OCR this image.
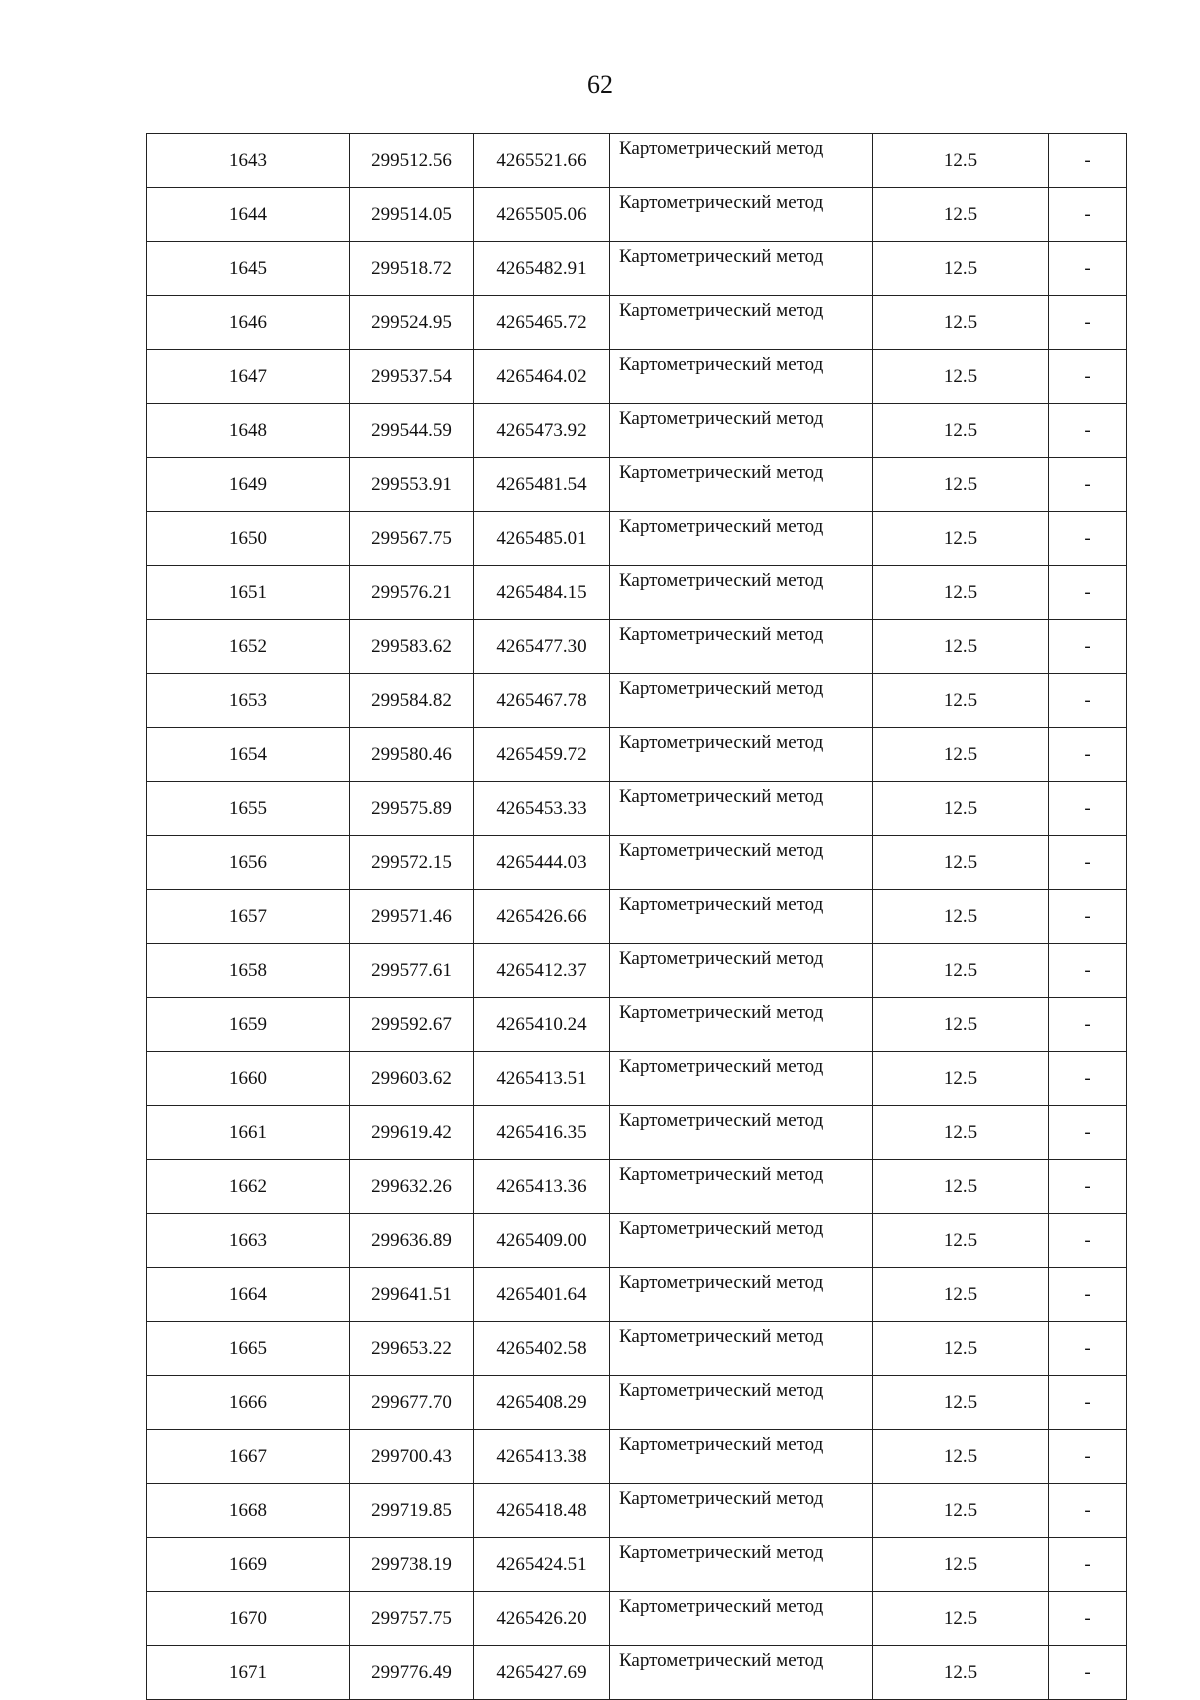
62
1643	299512.56	4265521.66	Картометрический метод	12.5	-
1644	299514.05	4265505.06	Картометрический метод	12.5	-
1645	299518.72	4265482.91	Картометрический метод	12.5	-
1646	299524.95	4265465.72	Картометрический метод	12.5	-
1647	299537.54	4265464.02	Картометрический метод	12.5	-
1648	299544.59	4265473.92	Картометрический метод	12.5	-
1649	299553.91	4265481.54	Картометрический метод	12.5	-
1650	299567.75	4265485.01	Картометрический метод	12.5	-
1651	299576.21	4265484.15	Картометрический метод	12.5	-
1652	299583.62	4265477.30	Картометрический метод	12.5	-
1653	299584.82	4265467.78	Картометрический метод	12.5	-
1654	299580.46	4265459.72	Картометрический метод	12.5	-
1655	299575.89	4265453.33	Картометрический метод	12.5	-
1656	299572.15	4265444.03	Картометрический метод	12.5	-
1657	299571.46	4265426.66	Картометрический метод	12.5	-
1658	299577.61	4265412.37	Картометрический метод	12.5	-
1659	299592.67	4265410.24	Картометрический метод	12.5	-
1660	299603.62	4265413.51	Картометрический метод	12.5	-
1661	299619.42	4265416.35	Картометрический метод	12.5	-
1662	299632.26	4265413.36	Картометрический метод	12.5	-
1663	299636.89	4265409.00	Картометрический метод	12.5	-
1664	299641.51	4265401.64	Картометрический метод	12.5	-
1665	299653.22	4265402.58	Картометрический метод	12.5	-
1666	299677.70	4265408.29	Картометрический метод	12.5	-
1667	299700.43	4265413.38	Картометрический метод	12.5	-
1668	299719.85	4265418.48	Картометрический метод	12.5	-
1669	299738.19	4265424.51	Картометрический метод	12.5	-
1670	299757.75	4265426.20	Картометрический метод	12.5	-
1671	299776.49	4265427.69	Картометрический метод	12.5	-
